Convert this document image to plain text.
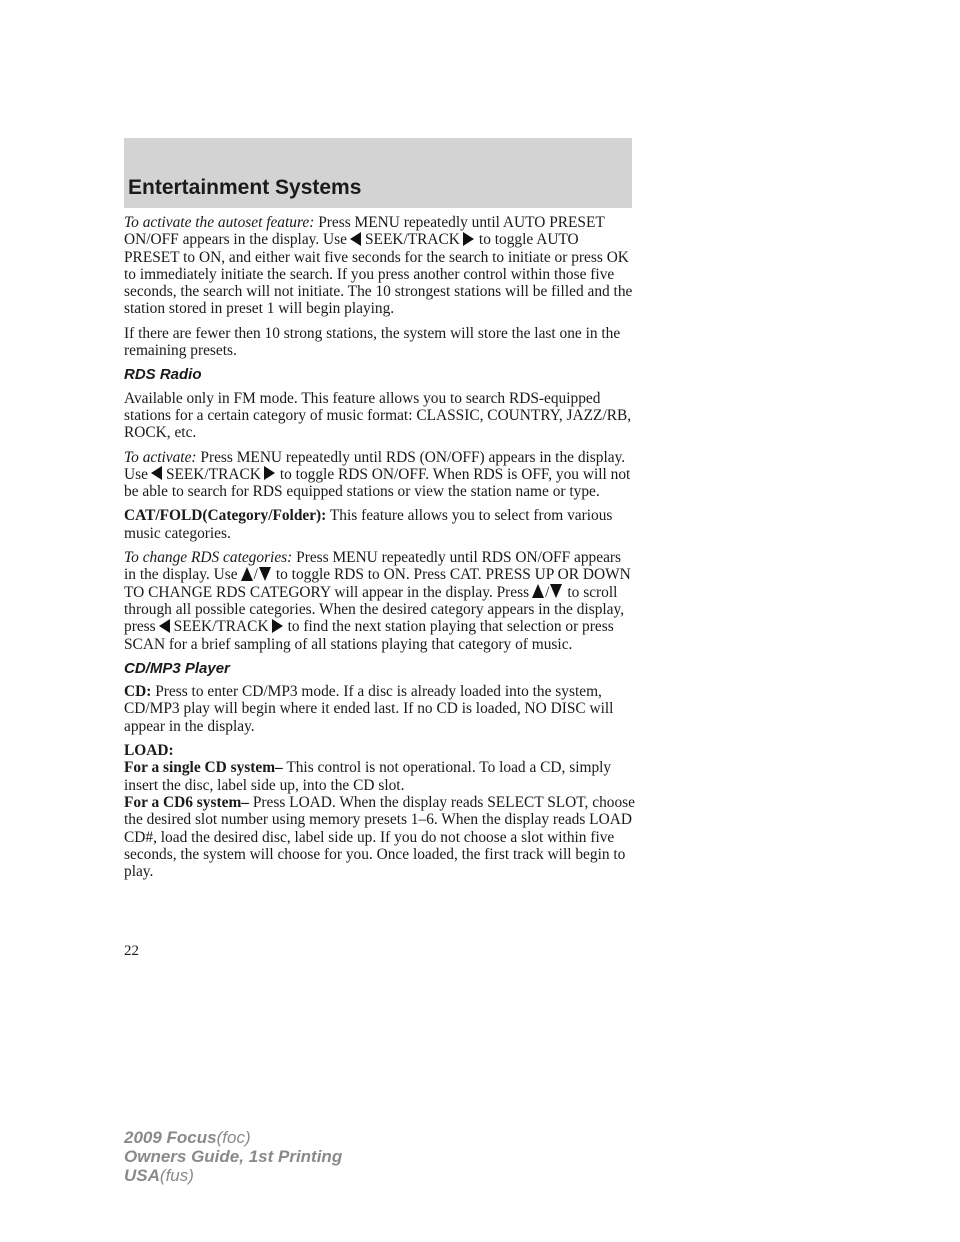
Entertainment Systems

To activate the autoset feature: Press MENU repeatedly until AUTO PRESET ON/OFF appears in the display. Use SEEK/TRACK to toggle AUTO PRESET to ON, and either wait five seconds for the search to initiate or press OK to immediately initiate the search. If you press another control within those five seconds, the search will not initiate. The 10 strongest stations will be filled and the station stored in preset 1 will begin playing.

If there are fewer then 10 strong stations, the system will store the last one in the remaining presets.

RDS Radio

Available only in FM mode. This feature allows you to search RDS-equipped stations for a certain category of music format: CLASSIC, COUNTRY, JAZZ/RB, ROCK, etc.

To activate: Press MENU repeatedly until RDS (ON/OFF) appears in the display. Use SEEK/TRACK to toggle RDS ON/OFF. When RDS is OFF, you will not be able to search for RDS equipped stations or view the station name or type.

CAT/FOLD(Category/Folder): This feature allows you to select from various music categories.

To change RDS categories: Press MENU repeatedly until RDS ON/OFF appears in the display. Use / to toggle RDS to ON. Press CAT. PRESS UP OR DOWN TO CHANGE RDS CATEGORY will appear in the display. Press / to scroll through all possible categories. When the desired category appears in the display, press SEEK/TRACK to find the next station playing that selection or press SCAN for a brief sampling of all stations playing that category of music.

CD/MP3 Player

CD: Press to enter CD/MP3 mode. If a disc is already loaded into the system, CD/MP3 play will begin where it ended last. If no CD is loaded, NO DISC will appear in the display.

LOAD:

For a single CD system– This control is not operational. To load a CD, simply insert the disc, label side up, into the CD slot.

For a CD6 system– Press LOAD. When the display reads SELECT SLOT, choose the desired slot number using memory presets 1–6. When the display reads LOAD CD#, load the desired disc, label side up. If you do not choose a slot within five seconds, the system will choose for you. Once loaded, the first track will begin to play.

22

2009 Focus(foc)
Owners Guide, 1st Printing
USA(fus)
